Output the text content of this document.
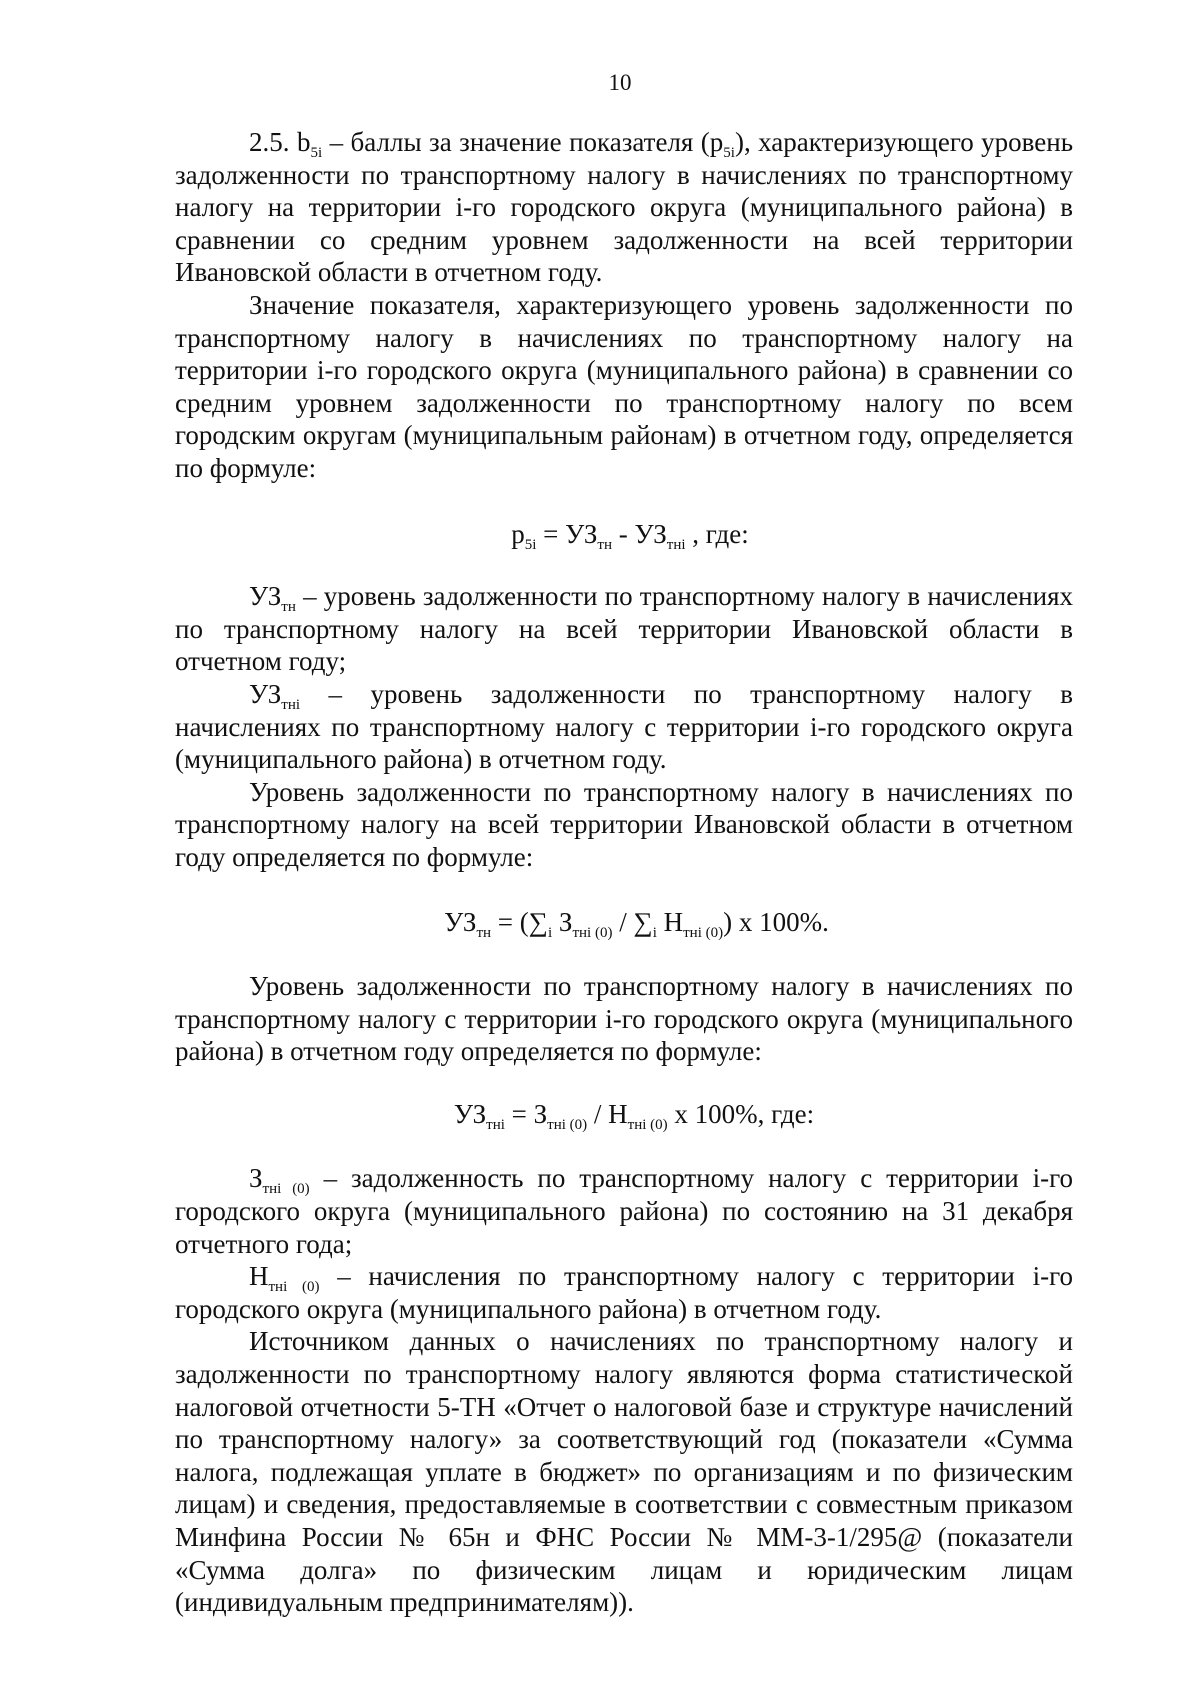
10

2.5. $b_{5i}$ – баллы за значение показателя $(p_{5i})$, характеризующего уровень задолженности по транспортному налогу в начислениях по транспортному налогу на территории i-го городского округа (муниципального района) в сравнении со средним уровнем задолженности на всей территории Ивановской области в отчетном году.

Значение показателя, характеризующего уровень задолженности по транспортному налогу в начислениях по транспортному налогу на территории i-го городского округа (муниципального района) в сравнении со средним уровнем задолженности по транспортному налогу по всем городским округам (муниципальным районам) в отчетном году, определяется по формуле:

$p_{5i} = УЗ_{тн} - УЗ_{тнi}$ , где:

$УЗ_{тн}$ – уровень задолженности по транспортному налогу в начислениях по транспортному налогу на всей территории Ивановской области в отчетном году;

$УЗ_{тнi}$ – уровень задолженности по транспортному налогу в начислениях по транспортному налогу с территории i-го городского округа (муниципального района) в отчетном году.

Уровень задолженности по транспортному налогу в начислениях по транспортному налогу на всей территории Ивановской области в отчетном году определяется по формуле:

$УЗ_{тн} = (\sum_i$ $З_{тнi (0)} / \sum_i$ $Н_{тнi (0)}$) х 100%.

Уровень задолженности по транспортному налогу в начислениях по транспортному налогу с территории i-го городского округа (муниципального района) в отчетном году определяется по формуле:

$УЗ_{тнi} = З_{тнi (0)} / Н_{тнi (0)}$ х 100%, где:

$З_{тнi (0)}$ – задолженность по транспортному налогу с территории i-го городского округа (муниципального района) по состоянию на 31 декабря отчетного года;

$Н_{тнi (0)}$ – начисления по транспортному налогу с территории i-го городского округа (муниципального района) в отчетном году.

Источником данных о начислениях по транспортному налогу и задолженности по транспортному налогу являются форма статистической налоговой отчетности 5-ТН «Отчет о налоговой базе и структуре начислений по транспортному налогу» за соответствующий год (показатели «Сумма налога, подлежащая уплате в бюджет» по организациям и по физическим лицам) и сведения, предоставляемые в соответствии с совместным приказом Минфина России № 65н и ФНС России № ММ-3-1/295@ (показатели «Сумма долга» по физическим лицам и юридическим лицам (индивидуальным предпринимателям)).
